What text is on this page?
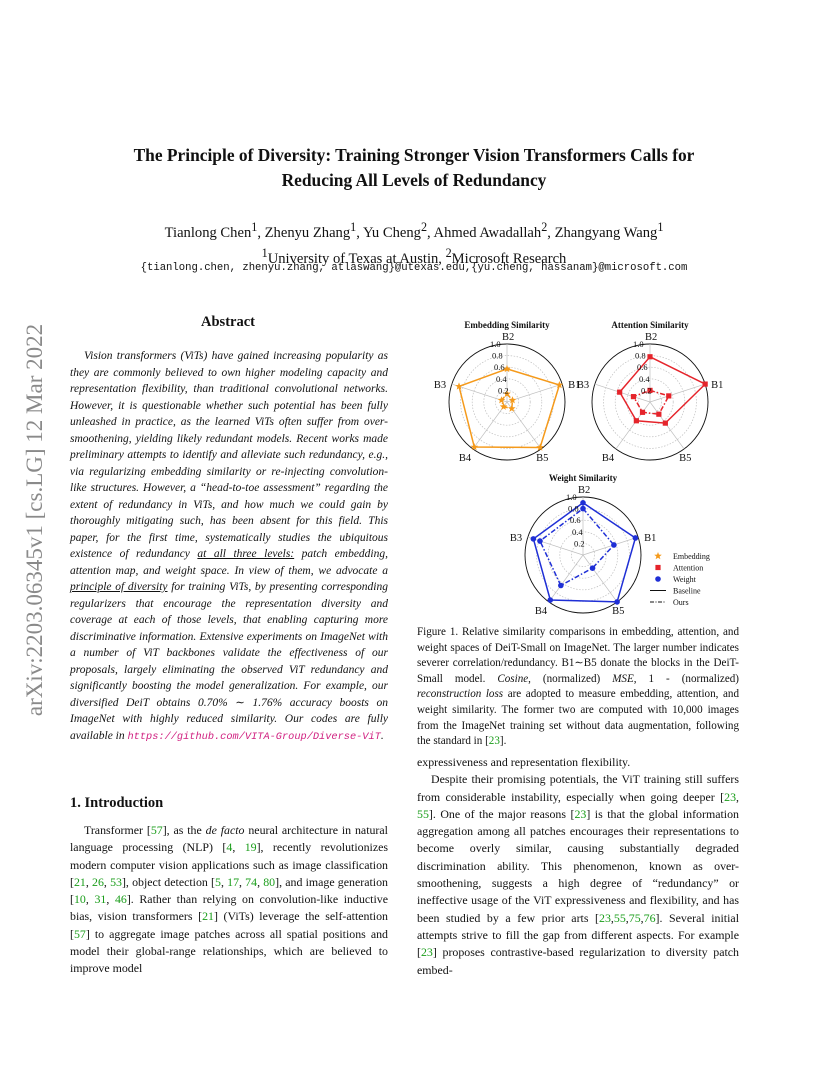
arXiv:2203.06345v1 [cs.LG] 12 Mar 2022
The Principle of Diversity: Training Stronger Vision Transformers Calls for
Reducing All Levels of Redundancy
Tianlong Chen$^1$, Zhenyu Zhang$^1$, Yu Cheng$^2$, Ahmed Awadallah$^2$, Zhangyang Wang$^1$
$^1$University of Texas at Austin, $^2$Microsoft Research
{tianlong.chen, zhenyu.zhang, atlaswang}@utexas.edu,{yu.cheng, hassanam}@microsoft.com
Abstract
Vision transformers (ViTs) have gained increasing popularity as they are commonly believed to own higher modeling capacity and representation flexibility, than traditional convolutional networks. However, it is questionable whether such potential has been fully unleashed in practice, as the learned ViTs often suffer from over-smoothening, yielding likely redundant models. Recent works made preliminary attempts to identify and alleviate such redundancy, e.g., via regularizing embedding similarity or re-injecting convolution-like structures. However, a “head-to-toe assessment” regarding the extent of redundancy in ViTs, and how much we could gain by thoroughly mitigating such, has been absent for this field. This paper, for the first time, systematically studies the ubiquitous existence of redundancy at all three levels: patch embedding, attention map, and weight space. In view of them, we advocate a principle of diversity for training ViTs, by presenting corresponding regularizers that encourage the representation diversity and coverage at each of those levels, that enabling capturing more discriminative information. Extensive experiments on ImageNet with a number of ViT backbones validate the effectiveness of our proposals, largely eliminating the observed ViT redundancy and significantly boosting the model generalization. For example, our diversified DeiT obtains 0.70% ∼ 1.76% accuracy boosts on ImageNet with highly reduced similarity. Our codes are fully available in https://github.com/VITA-Group/Diverse-ViT.
1. Introduction
Transformer [57], as the de facto neural architecture in natural language processing (NLP) [4, 19], recently revolutionizes modern computer vision applications such as image classification [21, 26, 53], object detection [5, 17, 74, 80], and image generation [10, 31, 46]. Rather than relying on convolution-like inductive bias, vision transformers [21] (ViTs) leverage the self-attention [57] to aggregate image patches across all spatial positions and model their global-range relationships, which are believed to improve model
0.2
0.4
0.6
0.8
1.0
B2
B1
B5
B4
B3
Embedding Similarity
0.2
0.4
0.6
0.8
1.0
B2
B1
B5
B4
B3
Attention Similarity
0.2
0.4
0.6
0.8
1.0
B2
B1
B5
B4
B3
Weight Similarity
Embedding
Attention
Weight
Baseline
Ours
Figure 1. Relative similarity comparisons in embedding, attention, and weight spaces of DeiT-Small on ImageNet. The larger number indicates severer correlation/redundancy. B1∼B5 donate the blocks in the DeiT-Small model. Cosine, (normalized) MSE, 1 - (normalized) reconstruction loss are adopted to measure embedding, attention, and weight similarity. The former two are computed with 10,000 images from the ImageNet training set without data augmentation, following the standard in [23].

expressiveness and representation flexibility.

Despite their promising potentials, the ViT training still suffers from considerable instability, especially when going deeper [23, 55]. One of the major reasons [23] is that the global information aggregation among all patches encourages their representations to become overly similar, causing substantially degraded discrimination ability. This phenomenon, known as over-smoothening, suggests a high degree of “redundancy” or ineffective usage of the ViT expressiveness and flexibility, and has been studied by a few prior arts [23,55,75,76]. Several initial attempts strive to fill the gap from different aspects. For example [23] proposes contrastive-based regularization to diversity patch embed-
